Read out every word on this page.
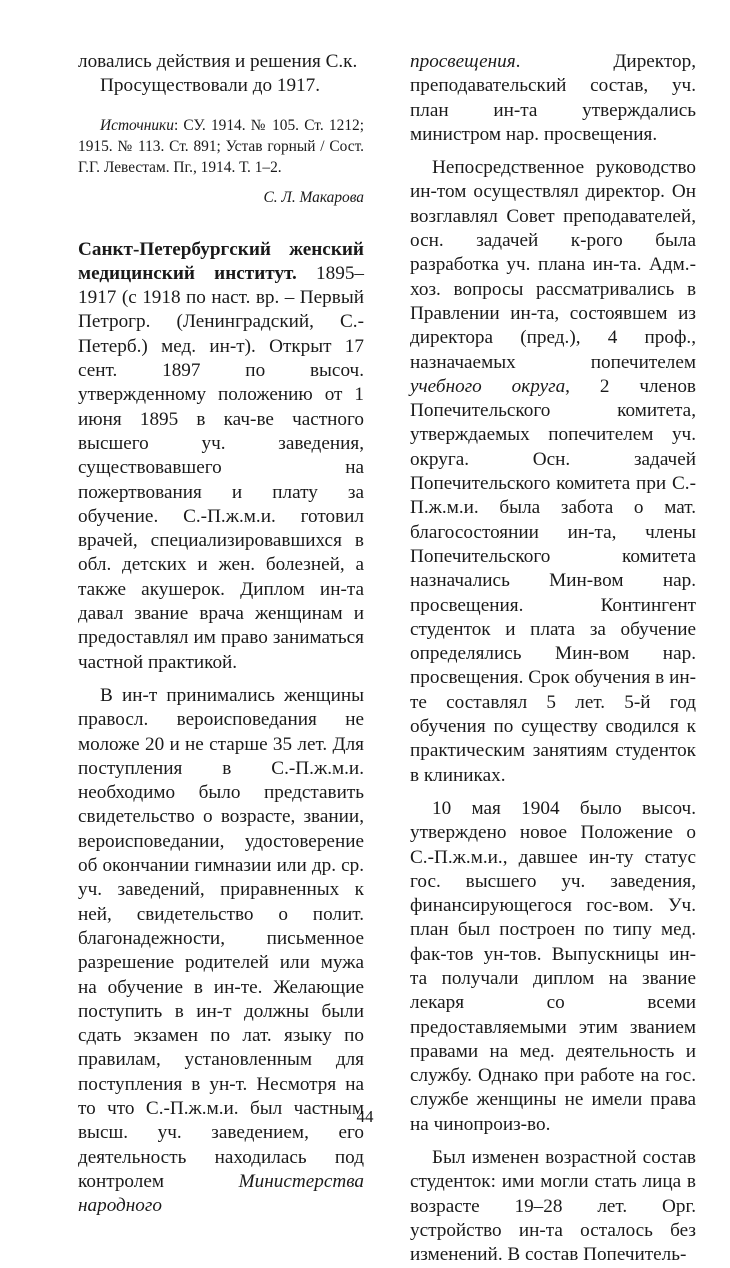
ловались действия и решения С.к.

Просуществовали до 1917.

Источники: СУ. 1914. № 105. Ст. 1212; 1915. № 113. Ст. 891; Устав горный / Сост. Г.Г. Левестам. Пг., 1914. Т. 1–2.

С. Л. Макарова

Санкт-Петербургский женский медицинский институт. 1895–1917 (с 1918 по наст. вр. – Первый Петрогр. (Ленинградский, С.-Петерб.) мед. ин-т). Открыт 17 сент. 1897 по высоч. утвержденному положению от 1 июня 1895 в кач-ве частного высшего уч. заведения, существовавшего на пожертвования и плату за обучение. С.-П.ж.м.и. готовил врачей, специализировавшихся в обл. детских и жен. болезней, а также акушерок. Диплом ин-та давал звание врача женщинам и предоставлял им право заниматься частной практикой.

В ин-т принимались женщины правосл. вероисповедания не моложе 20 и не старше 35 лет. Для поступления в С.-П.ж.м.и. необходимо было представить свидетельство о возрасте, звании, вероисповедании, удостоверение об окончании гимназии или др. ср. уч. заведений, приравненных к ней, свидетельство о полит. благонадежности, письменное разрешение родителей или мужа на обучение в ин-те. Желающие поступить в ин-т должны были сдать экзамен по лат. языку по правилам, установленным для поступления в ун-т. Несмотря на то что С.-П.ж.м.и. был частным высш. уч. заведением, его деятельность находилась под контролем Министерства народного

просвещения. Директор, преподавательский состав, уч. план ин-та утверждались министром нар. просвещения.

Непосредственное руководство ин-том осуществлял директор. Он возглавлял Совет преподавателей, осн. задачей к-рого была разработка уч. плана ин-та. Адм.-хоз. вопросы рассматривались в Правлении ин-та, состоявшем из директора (пред.), 4 проф., назначаемых попечителем учебного округа, 2 членов Попечительского комитета, утверждаемых попечителем уч. округа. Осн. задачей Попечительского комитета при С.-П.ж.м.и. была забота о мат. благосостоянии ин-та, члены Попечительского комитета назначались Мин-вом нар. просвещения. Контингент студенток и плата за обучение определялись Мин-вом нар. просвещения. Срок обучения в ин-те составлял 5 лет. 5-й год обучения по существу сводился к практическим занятиям студенток в клиниках.

10 мая 1904 было высоч. утверждено новое Положение о С.-П.ж.м.и., давшее ин-ту статус гос. высшего уч. заведения, финансирующегося гос-вом. Уч. план был построен по типу мед. фак-тов ун-тов. Выпускницы ин-та получали диплом на звание лекаря со всеми предоставляемыми этим званием правами на мед. деятельность и службу. Однако при работе на гос. службе женщины не имели права на чинопроиз-во.

Был изменен возрастной состав студенток: ими могли стать лица в возрасте 19–28 лет. Орг. устройство ин-та осталось без изменений. В состав Попечитель-

44
